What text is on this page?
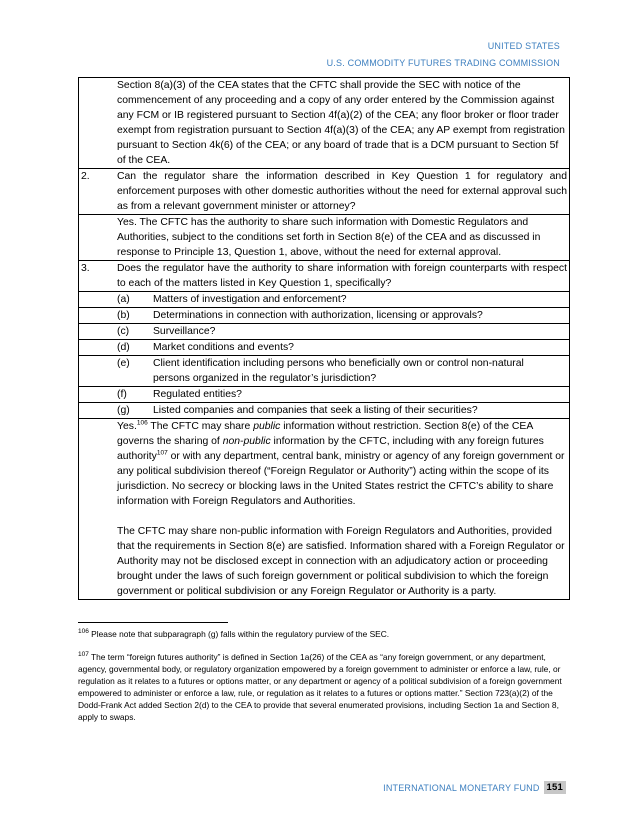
UNITED STATES
U.S. COMMODITY FUTURES TRADING COMMISSION
	Section 8(a)(3) of the CEA states that the CFTC shall provide the SEC with notice of the commencement of any proceeding and a copy of any order entered by the Commission against any FCM or IB registered pursuant to Section 4f(a)(2) of the CEA; any floor broker or floor trader exempt from registration pursuant to Section 4f(a)(3) of the CEA; any AP exempt from registration pursuant to Section 4k(6) of the CEA; or any board of trade that is a DCM pursuant to Section 5f of the CEA.

2.	Can the regulator share the information described in Key Question 1 for regulatory and enforcement purposes with other domestic authorities without the need for external approval such as from a relevant government minister or attorney?
	Yes. The CFTC has the authority to share such information with Domestic Regulators and Authorities, subject to the conditions set forth in Section 8(e) of the CEA and as discussed in response to Principle 13, Question 1, above, without the need for external approval.

3.	Does the regulator have the authority to share information with foreign counterparts with respect to each of the matters listed in Key Question 1, specifically?

	(a) Matters of investigation and enforcement?

	(b) Determinations in connection with authorization, licensing or approvals?

	(c) Surveillance?

	(d) Market conditions and events?

	(e) Client identification including persons who beneficially own or control non-natural
persons organized in the regulator’s jurisdiction?

	(f) Regulated entities?

	(g) Listed companies and companies that seek a listing of their securities?

	Yes.$^{106}$ The CFTC may share public information without restriction. Section 8(e) of the CEA governs the sharing of non-public information by the CFTC, including with any foreign futures authority$^{107}$ or with any department, central bank, ministry or agency of any foreign government or any political subdivision thereof (“Foreign Regulator or Authority”) acting within the scope of its jurisdiction. No secrecy or blocking laws in the United States restrict the CFTC’s ability to share information with Foreign Regulators and Authorities.

The CFTC may share non-public information with Foreign Regulators and Authorities, provided that the requirements in Section 8(e) are satisfied. Information shared with a Foreign Regulator or Authority may not be disclosed except in connection with an adjudicatory action or proceeding brought under the laws of such foreign government or political subdivision to which the foreign government or political subdivision or any Foreign Regulator or Authority is a party.

$^{106}$ Please note that subparagraph (g) falls within the regulatory purview of the SEC.
$^{107}$ The term “foreign futures authority” is defined in Section 1a(26) of the CEA as “any foreign government, or any department, agency, governmental body, or regulatory organization empowered by a foreign government to administer or enforce a law, rule, or regulation as it relates to a futures or options matter, or any department or agency of a political subdivision of a foreign government empowered to administer or enforce a law, rule, or regulation as it relates to a futures or options matter.” Section 723(a)(2) of the Dodd-Frank Act added Section 2(d) to the CEA to provide that several enumerated provisions, including Section 1a and Section 8, apply to swaps.
INTERNATIONAL MONETARY FUND 151
